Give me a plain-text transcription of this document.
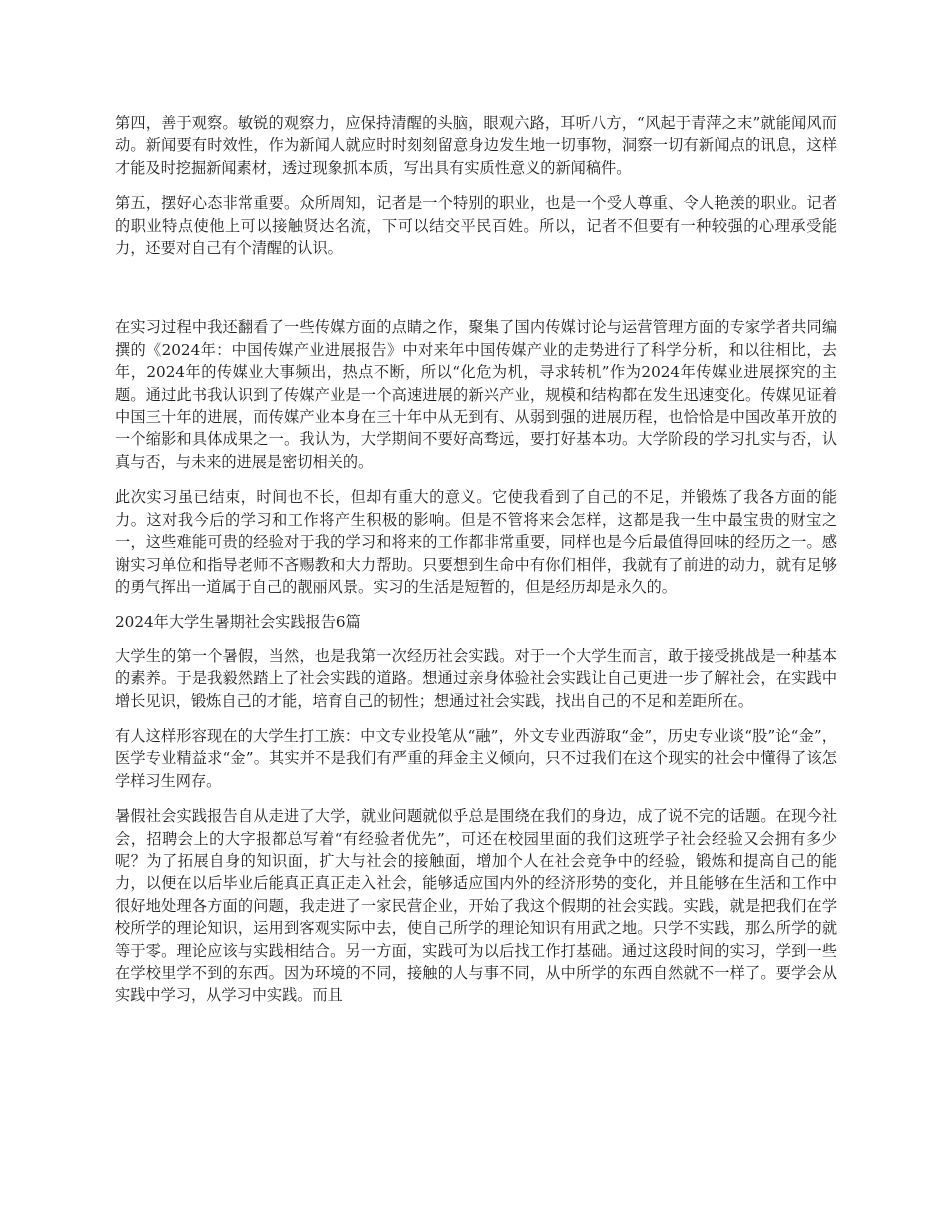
第四，善于观察。敏锐的观察力，应保持清醒的头脑，眼观六路，耳听八方，“风起于青萍之末”就能闻风而动。新闻要有时效性，作为新闻人就应时时刻刻留意身边发生地一切事物，洞察一切有新闻点的讯息，这样才能及时挖掘新闻素材，透过现象抓本质，写出具有实质性意义的新闻稿件。

第五，摆好心态非常重要。众所周知，记者是一个特别的职业，也是一个受人尊重、令人艳羡的职业。记者的职业特点使他上可以接触贤达名流，下可以结交平民百姓。所以，记者不但要有一种较强的心理承受能力，还要对自己有个清醒的认识。

在实习过程中我还翻看了一些传媒方面的点睛之作，聚集了国内传媒讨论与运营管理方面的专家学者共同编撰的《2024年：中国传媒产业进展报告》中对来年中国传媒产业的走势进行了科学分析，和以往相比，去年，2024年的传媒业大事频出，热点不断，所以“化危为机，寻求转机”作为2024年传媒业进展探究的主题。通过此书我认识到了传媒产业是一个高速进展的新兴产业，规模和结构都在发生迅速变化。传媒见证着中国三十年的进展，而传媒产业本身在三十年中从无到有、从弱到强的进展历程，也恰恰是中国改革开放的一个缩影和具体成果之一。我认为，大学期间不要好高骛远，要打好基本功。大学阶段的学习扎实与否，认真与否，与未来的进展是密切相关的。

此次实习虽已结束，时间也不长，但却有重大的意义。它使我看到了自己的不足，并锻炼了我各方面的能力。这对我今后的学习和工作将产生积极的影响。但是不管将来会怎样，这都是我一生中最宝贵的财宝之一，这些难能可贵的经验对于我的学习和将来的工作都非常重要，同样也是今后最值得回味的经历之一。感谢实习单位和指导老师不吝赐教和大力帮助。只要想到生命中有你们相伴，我就有了前进的动力，就有足够的勇气挥出一道属于自己的靓丽风景。实习的生活是短暂的，但是经历却是永久的。

2024年大学生暑期社会实践报告6篇

大学生的第一个暑假，当然，也是我第一次经历社会实践。对于一个大学生而言，敢于接受挑战是一种基本的素养。于是我毅然踏上了社会实践的道路。想通过亲身体验社会实践让自己更进一步了解社会，在实践中增长见识，锻炼自己的才能，培育自己的韧性；想通过社会实践，找出自己的不足和差距所在。

有人这样形容现在的大学生打工族：中文专业投笔从“融”，外文专业西游取“金”，历史专业谈“股”论“金”，医学专业精益求“金”。其实并不是我们有严重的拜金主义倾向，只不过我们在这个现实的社会中懂得了该怎学样习生网存。

暑假社会实践报告自从走进了大学，就业问题就似乎总是围绕在我们的身边，成了说不完的话题。在现今社会，招聘会上的大字报都总写着“有经验者优先”，可还在校园里面的我们这班学子社会经验又会拥有多少呢？为了拓展自身的知识面，扩大与社会的接触面，增加个人在社会竞争中的经验，锻炼和提高自己的能力，以便在以后毕业后能真正真正走入社会，能够适应国内外的经济形势的变化，并且能够在生活和工作中很好地处理各方面的问题，我走进了一家民营企业，开始了我这个假期的社会实践。实践，就是把我们在学校所学的理论知识，运用到客观实际中去，使自己所学的理论知识有用武之地。只学不实践，那么所学的就等于零。理论应该与实践相结合。另一方面，实践可为以后找工作打基础。通过这段时间的实习，学到一些在学校里学不到的东西。因为环境的不同，接触的人与事不同，从中所学的东西自然就不一样了。要学会从实践中学习，从学习中实践。而且
